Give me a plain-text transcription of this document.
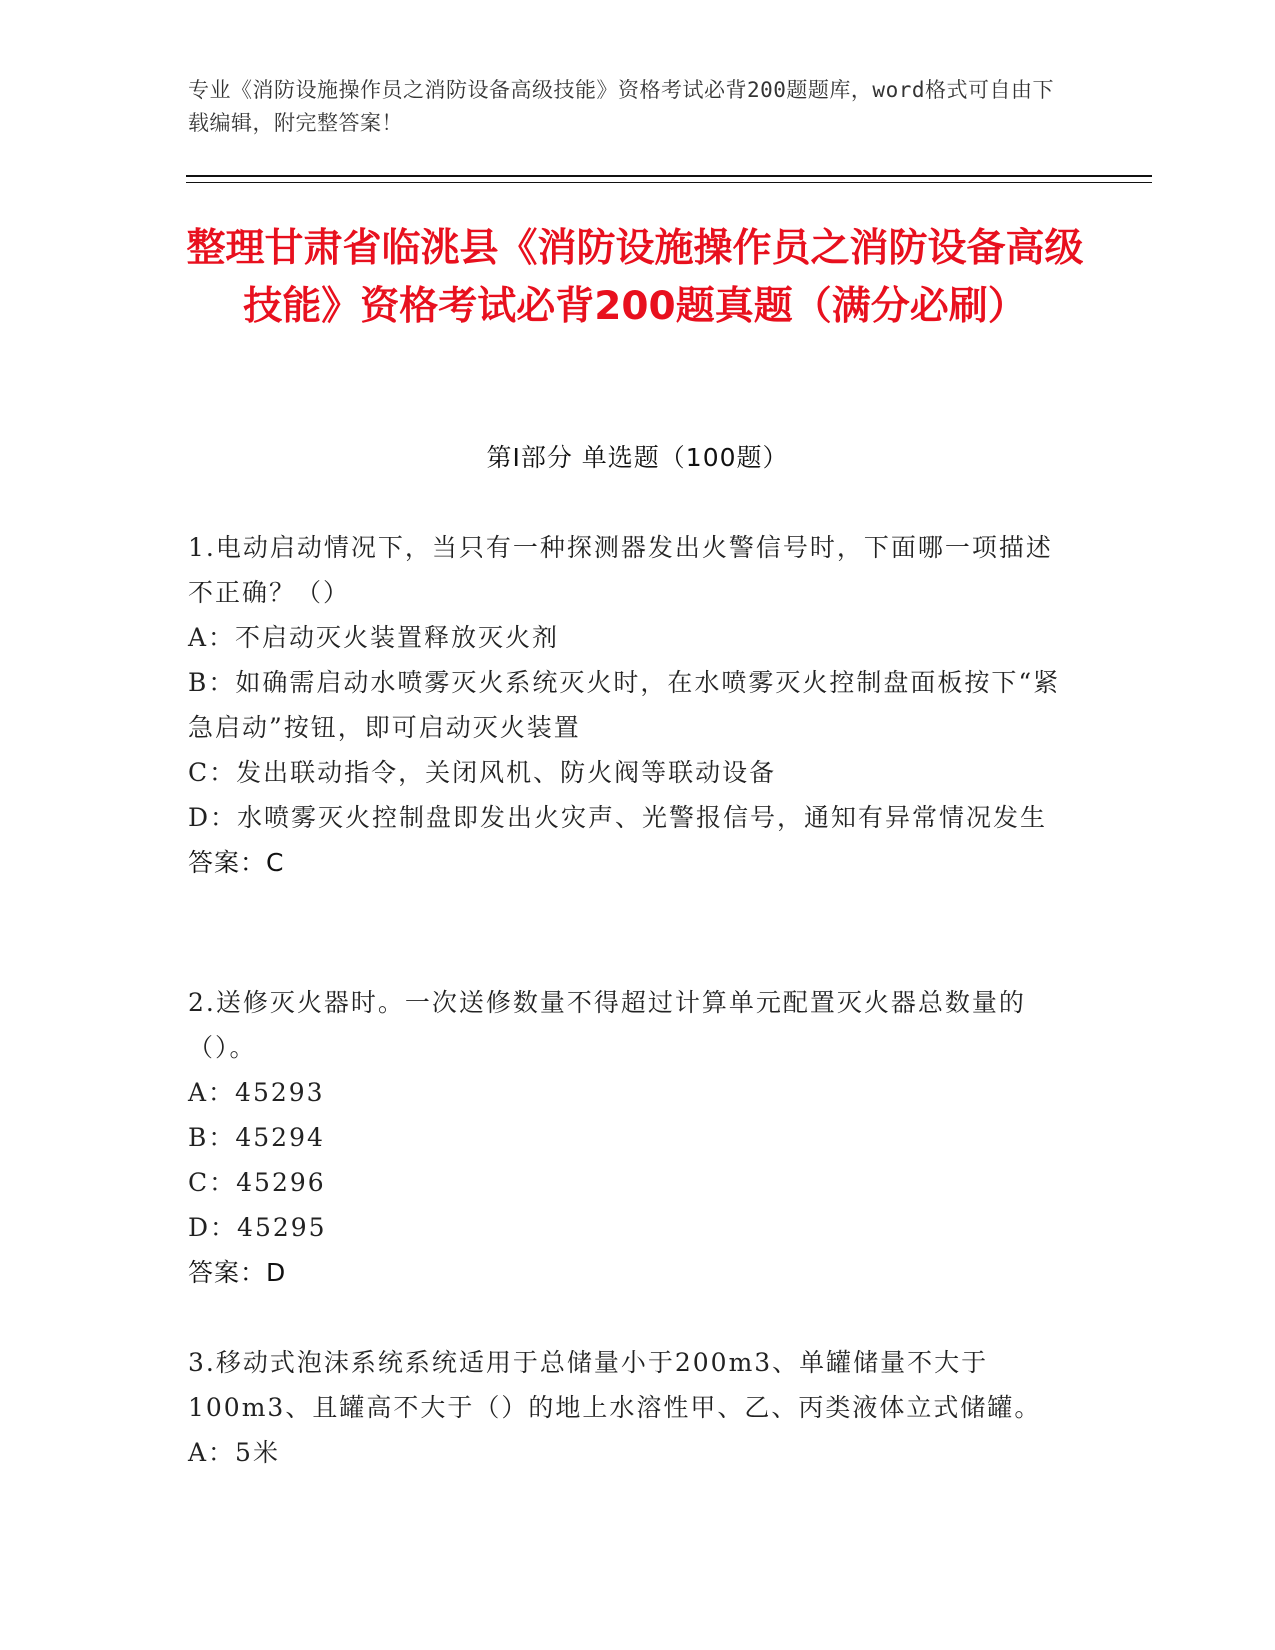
专业《消防设施操作员之消防设备高级技能》资格考试必背200题题库，word格式可自由下载编辑，附完整答案！
整理甘肃省临洮县《消防设施操作员之消防设备高级技能》资格考试必背200题真题（满分必刷）
第Ⅰ部分 单选题（100题）

1.电动启动情况下，当只有一种探测器发出火警信号时，下面哪一项描述不正确？（）

A：不启动灭火装置释放灭火剂

B：如确需启动水喷雾灭火系统灭火时，在水喷雾灭火控制盘面板按下“紧急启动”按钮，即可启动灭火装置

C：发出联动指令，关闭风机、防火阀等联动设备

D：水喷雾灭火控制盘即发出火灾声、光警报信号，通知有异常情况发生

答案：C

2.送修灭火器时。一次送修数量不得超过计算单元配置灭火器总数量的（）。

A：45293

B：45294

C：45296

D：45295

答案：D

3.移动式泡沫系统系统适用于总储量小于200m3、单罐储量不大于100m3、且罐高不大于（）的地上水溶性甲、乙、丙类液体立式储罐。

A：5米
